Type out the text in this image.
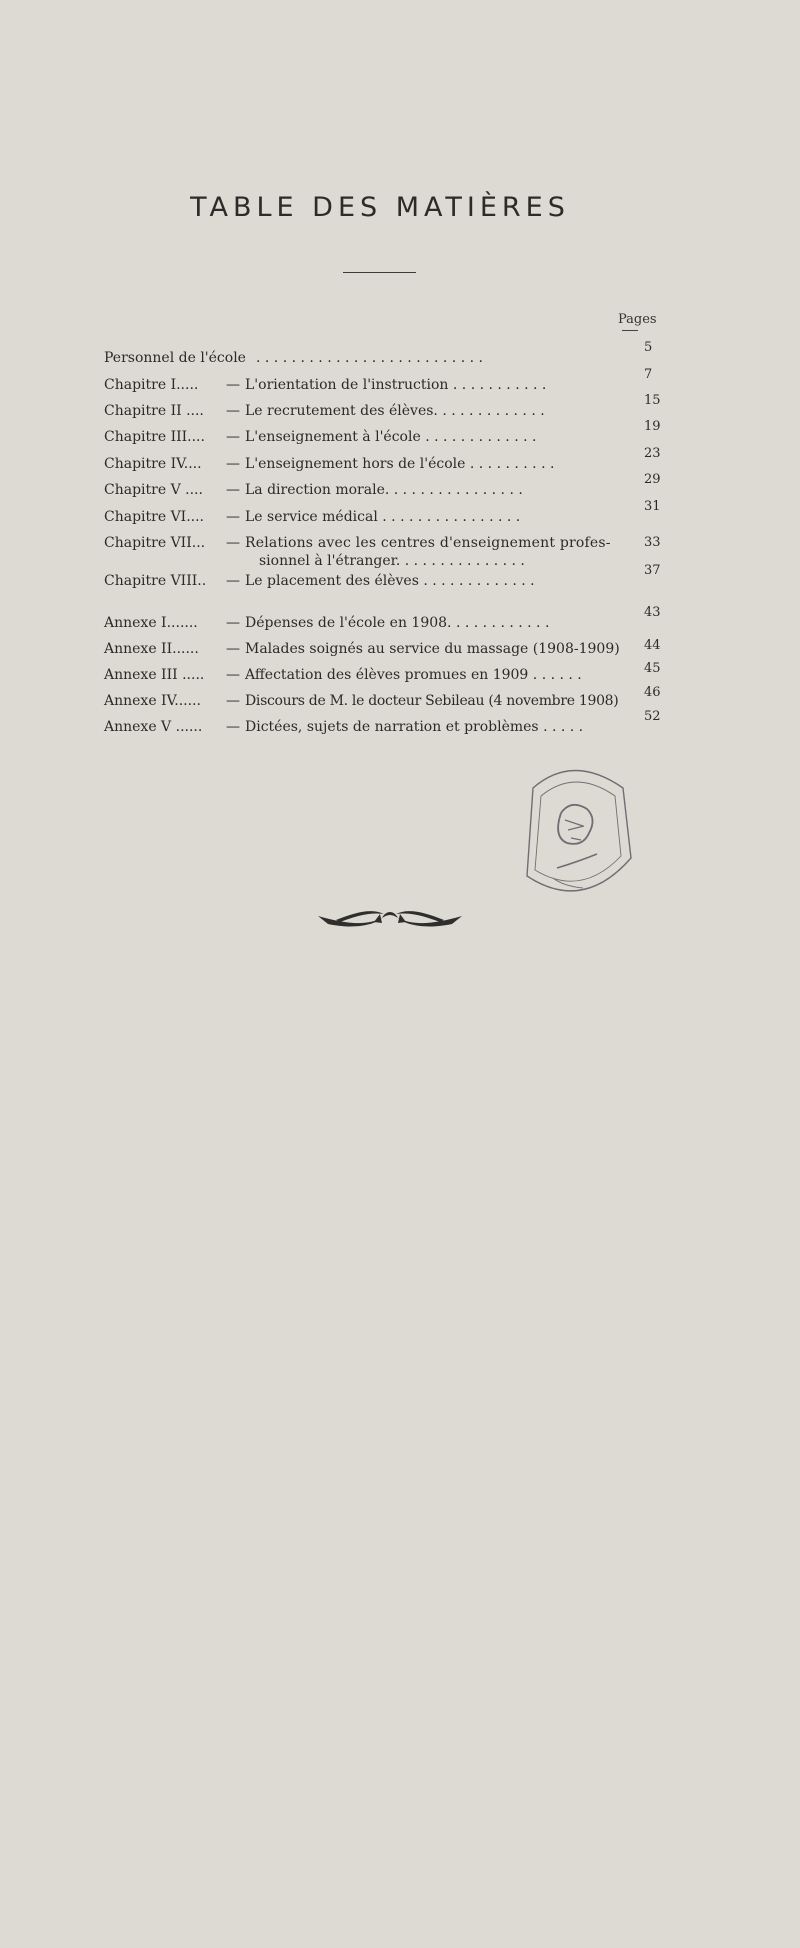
TABLE DES MATIÈRES
Pages
Personnel de l'école . . . . . . . . . . . . . . . . . . . . . . . . . .
5
Chapitre I..... — L'orientation de l'instruction . . . . . . . . . . .
7
Chapitre II .... — Le recrutement des élèves. . . . . . . . . . . . .
15
Chapitre III.... — L'enseignement à l'école . . . . . . . . . . . . .
19
Chapitre IV.... — L'enseignement hors de l'école . . . . . . . . . .
23
Chapitre V .... — La direction morale. . . . . . . . . . . . . . . .
29
Chapitre VI.... — Le service médical . . . . . . . . . . . . . . . .
31
Chapitre VII... — Relations avec les centres d'enseignement profes-
sionnel à l'étranger. . . . . . . . . . . . . . .
33
Chapitre VIII.. — Le placement des élèves . . . . . . . . . . . . .
37
Annexe I....... — Dépenses de l'école en 1908. . . . . . . . . . . .
43
Annexe II...... — Malades soignés au service du massage (1908-1909) 44
Annexe III ..... — Affectation des élèves promues en 1909 . . . . . .	45
Annexe IV...... — Discours de M. le docteur Sebileau (4 novembre 1908)
46
Annexe V ...... — Dictées, sujets de narration et problèmes . . . . .
52
